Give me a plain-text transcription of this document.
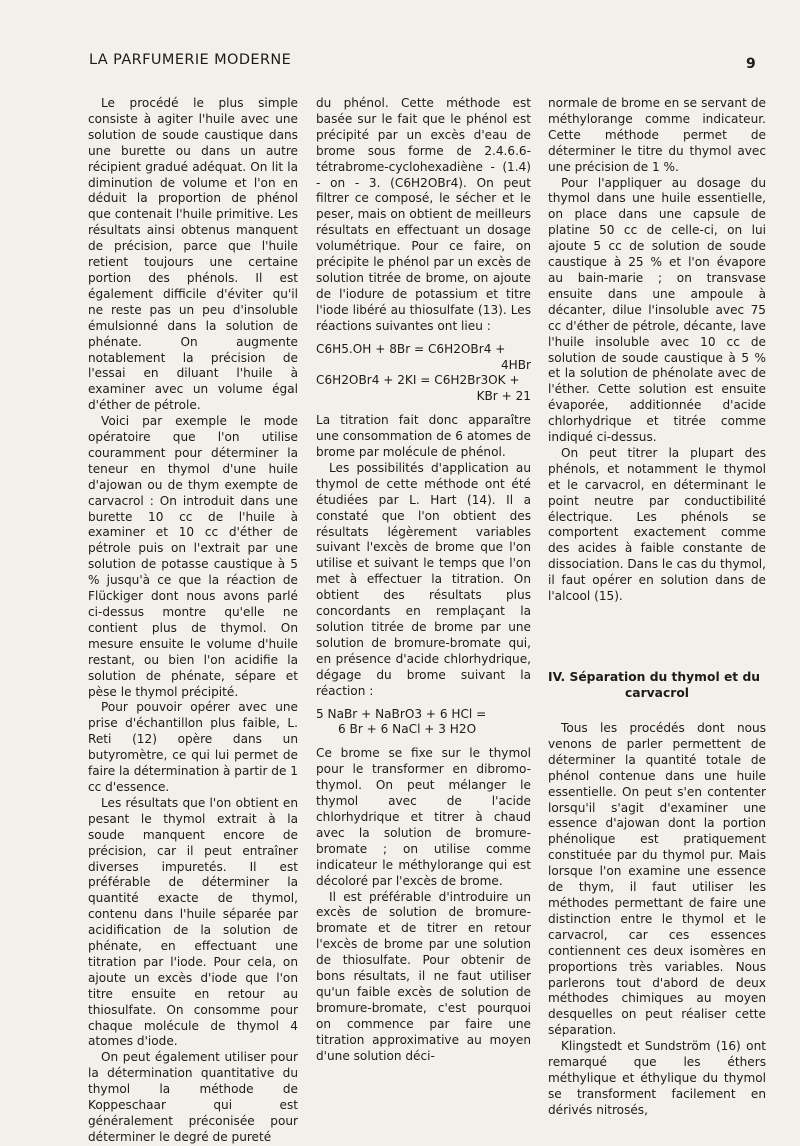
LA PARFUMERIE MODERNE	9

Le procédé le plus simple consiste à agiter l'huile avec une solution de soude caustique dans une burette ou dans un autre récipient gradué adéquat. On lit la diminution de volume et l'on en déduit la proportion de phénol que contenait l'huile primitive. Les résultats ainsi obtenus manquent de précision, parce que l'huile retient toujours une certaine portion des phénols. Il est également difficile d'éviter qu'il ne reste pas un peu d'insoluble émulsionné dans la solution de phénate. On augmente notablement la précision de l'essai en diluant l'huile à examiner avec un volume égal d'éther de pétrole.

Voici par exemple le mode opératoire que l'on utilise couramment pour déterminer la teneur en thymol d'une huile d'ajowan ou de thym exempte de carvacrol : On introduit dans une burette 10 cc de l'huile à examiner et 10 cc d'éther de pétrole puis on l'extrait par une solution de potasse caustique à 5 % jusqu'à ce que la réaction de Flückiger dont nous avons parlé ci-dessus montre qu'elle ne contient plus de thymol. On mesure ensuite le volume d'huile restant, ou bien l'on acidifie la solution de phénate, sépare et pèse le thymol précipité.

Pour pouvoir opérer avec une prise d'échantillon plus faible, L. Reti (12) opère dans un butyromètre, ce qui lui permet de faire la détermination à partir de 1 cc d'essence.

Les résultats que l'on obtient en pesant le thymol extrait à la soude manquent encore de précision, car il peut entraîner diverses impuretés. Il est préférable de déterminer la quantité exacte de thymol, contenu dans l'huile séparée par acidification de la solution de phénate, en effectuant une titration par l'iode. Pour cela, on ajoute un excès d'iode que l'on titre ensuite en retour au thiosulfate. On consomme pour chaque molécule de thymol 4 atomes d'iode.

On peut également utiliser pour la détermination quantitative du thymol la méthode de Koppeschaar qui est généralement préconisée pour déterminer le degré de pureté

du phénol. Cette méthode est basée sur le fait que le phénol est précipité par un excès d'eau de brome sous forme de 2.4.6.6-tétrabrome-cyclohexadiène - (1.4) - on - 3. (C6H2OBr4). On peut filtrer ce composé, le sécher et le peser, mais on obtient de meilleurs résultats en effectuant un dosage volumétrique. Pour ce faire, on précipite le phénol par un excès de solution titrée de brome, on ajoute de l'iodure de potassium et titre l'iode libéré au thiosulfate (13). Les réactions suivantes ont lieu :

C6H5.OH + 8Br = C6H2OBr4 +
4HBr
C6H2OBr4 + 2KI = C6H2Br3OK +
KBr + 21

La titration fait donc apparaître une consommation de 6 atomes de brome par molécule de phénol.

Les possibilités d'application au thymol de cette méthode ont été étudiées par L. Hart (14). Il a constaté que l'on obtient des résultats légèrement variables suivant l'excès de brome que l'on utilise et suivant le temps que l'on met à effectuer la titration. On obtient des résultats plus concordants en remplaçant la solution titrée de brome par une solution de bromure-bromate qui, en présence d'acide chlorhydrique, dégage du brome suivant la réaction :

5 NaBr + NaBrO3 + 6 HCl =
6 Br + 6 NaCl + 3 H2O

Ce brome se fixe sur le thymol pour le transformer en dibromo-thymol. On peut mélanger le thymol avec de l'acide chlorhydrique et titrer à chaud avec la solution de bromure-bromate ; on utilise comme indicateur le méthylorange qui est décoloré par l'excès de brome.

Il est préférable d'introduire un excès de solution de bromure-bromate et de titrer en retour l'excès de brome par une solution de thiosulfate. Pour obtenir de bons résultats, il ne faut utiliser qu'un faible excès de solution de bromure-bromate, c'est pourquoi on commence par faire une titration approximative au moyen d'une solution déci-

normale de brome en se servant de méthylorange comme indicateur. Cette méthode permet de déterminer le titre du thymol avec une précision de 1 %.

Pour l'appliquer au dosage du thymol dans une huile essentielle, on place dans une capsule de platine 50 cc de celle-ci, on lui ajoute 5 cc de solution de soude caustique à 25 % et l'on évapore au bain-marie ; on transvase ensuite dans une ampoule à décanter, dilue l'insoluble avec 75 cc d'éther de pétrole, décante, lave l'huile insoluble avec 10 cc de solution de soude caustique à 5 % et la solution de phénolate avec de l'éther. Cette solution est ensuite évaporée, additionnée d'acide chlorhydrique et titrée comme indiqué ci-dessus.

On peut titrer la plupart des phénols, et notamment le thymol et le carvacrol, en déterminant le point neutre par conductibilité électrique. Les phénols se comportent exactement comme des acides à faible constante de dissociation. Dans le cas du thymol, il faut opérer en solution dans de l'alcool (15).

IV. Séparation du thymol et du
carvacrol

Tous les procédés dont nous venons de parler permettent de déterminer la quantité totale de phénol contenue dans une huile essentielle. On peut s'en contenter lorsqu'il s'agit d'examiner une essence d'ajowan dont la portion phénolique est pratiquement constituée par du thymol pur. Mais lorsque l'on examine une essence de thym, il faut utiliser les méthodes permettant de faire une distinction entre le thymol et le carvacrol, car ces essences contiennent ces deux isomères en proportions très variables. Nous parlerons tout d'abord de deux méthodes chimiques au moyen desquelles on peut réaliser cette séparation.

Klingstedt et Sundström (16) ont remarqué que les éthers méthylique et éthylique du thymol se transforment facilement en dérivés nitrosés,
